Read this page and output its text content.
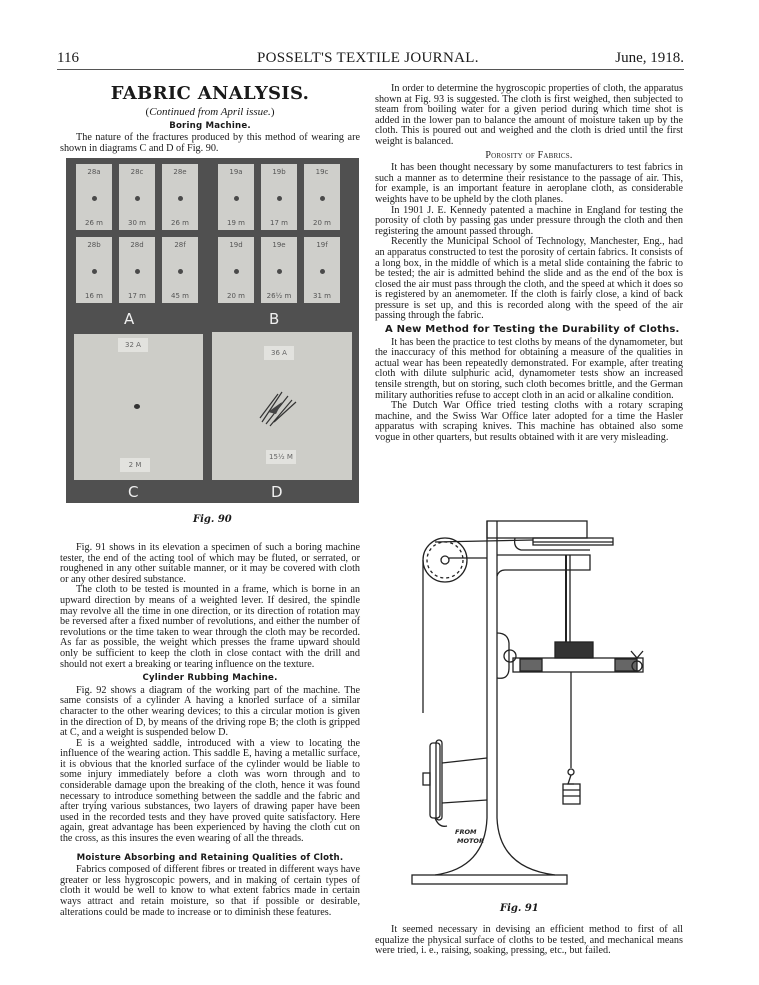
116	POSSELT'S TEXTILE JOURNAL.	June, 1918.
FABRIC ANALYSIS.
(Continued from April issue.)
Boring Machine.

The nature of the fractures produced by this method of wearing are shown in diagrams C and D of Fig. 90.

A	B
32 A
2 M
36 A
15½ M
C	D
28a
26 m
28c
30 m
28e
26 m
28b
16 m
28d
17 m
28f
45 m
19a
19 m
19b
17 m
19c
20 m
19d
20 m
19e
26½ m
19f
31 m
Fig. 90

Fig. 91 shows in its elevation a specimen of such a boring machine tester, the end of the acting tool of which may be fluted, or serrated, or roughened in any other suitable manner, or it may be covered with cloth or any other desired substance.

The cloth to be tested is mounted in a frame, which is borne in an upward direction by means of a weighted lever. If desired, the spindle may revolve all the time in one direction, or its direction of rotation may be reversed after a fixed number of revolutions, and either the number of revolutions or the time taken to wear through the cloth may be recorded. As far as possible, the weight which presses the frame upward should only be sufficient to keep the cloth in close contact with the drill and should not exert a breaking or tearing influence on the texture.

Cylinder Rubbing Machine.

Fig. 92 shows a diagram of the working part of the machine. The same consists of a cylinder A having a knorled surface of a similar character to the other wearing devices; to this a circular motion is given in the direction of D, by means of the driving rope B; the cloth is gripped at C, and a weight is suspended below D.

E is a weighted saddle, introduced with a view to locating the influence of the wearing action. This saddle E, having a metallic surface, it is obvious that the knorled surface of the cylinder would be liable to some injury immediately before a cloth was worn through and to considerable damage upon the breaking of the cloth, hence it was found necessary to introduce something between the saddle and the fabric and after trying various substances, two layers of drawing paper have been used in the recorded tests and they have proved quite satisfactory. Here again, great advantage has been experienced by having the cloth cut on the cross, as this insures the even wearing of all the threads.

Moisture Absorbing and Retaining Qualities of Cloth.

Fabrics composed of different fibres or treated in different ways have greater or less hygroscopic powers, and in making of certain types of cloth it would be well to know to what extent fabrics made in certain ways attract and retain moisture, so that if possible or desirable, alterations could be made to increase or to diminish these features.

In order to determine the hygroscopic properties of cloth, the apparatus shown at Fig. 93 is suggested. The cloth is first weighed, then subjected to steam from boiling water for a given period during which time shot is added in the lower pan to balance the amount of moisture taken up by the cloth. This is poured out and weighed and the cloth is dried until the first weight is balanced.

Porosity of Fabrics.

It has been thought necessary by some manufacturers to test fabrics in such a manner as to determine their resistance to the passage of air. This, for example, is an important feature in aeroplane cloth, as considerable weights have to be upheld by the cloth planes.

In 1901 J. E. Kennedy patented a machine in England for testing the porosity of cloth by passing gas under pressure through the cloth and then registering the amount passed through.

Recently the Municipal School of Technology, Manchester, Eng., had an apparatus constructed to test the porosity of certain fabrics. It consists of a long box, in the middle of which is a metal slide containing the fabric to be tested; the air is admitted behind the slide and as the end of the box is closed the air must pass through the cloth, and the speed at which it does so is registered by an anemometer. If the cloth is fairly close, a kind of back pressure is set up, and this is recorded along with the speed of the air passing through the fabric.

A New Method for Testing the Durability of Cloths.

It has been the practice to test cloths by means of the dynamometer, but the inaccuracy of this method for obtaining a measure of the qualities in actual wear has been repeatedly demonstrated. For example, after treating cloth with dilute sulphuric acid, dynamometer tests show an increased tensile strength, but on storing, such cloth becomes brittle, and the German military authorities refuse to accept cloth in an acid or alkaline condition.

The Dutch War Office tried testing cloths with a rotary scraping machine, and the Swiss War Office later adopted for a time the Hasler apparatus with scraping knives. This machine has obtained also some vogue in other quarters, but results obtained with it are very misleading.

FROM
MOTOR
Fig. 91

It seemed necessary in devising an efficient method to first of all equalize the physical surface of cloths to be tested, and mechanical means were tried, i. e., raising, soaking, pressing, etc., but failed.
